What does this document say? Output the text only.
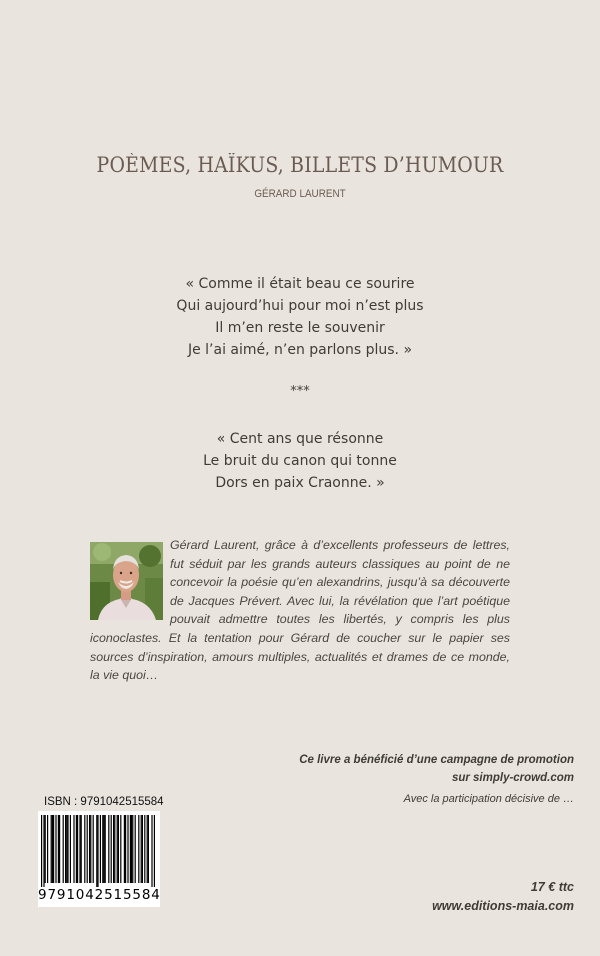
POÈMES, HAÏKUS, BILLETS D’HUMOUR
GÉRARD LAURENT
« Comme il était beau ce sourire
Qui aujourd’hui pour moi n’est plus
Il m’en reste le souvenir
Je l’ai aimé, n’en parlons plus. »
***
« Cent ans que résonne
Le bruit du canon qui tonne
Dors en paix Craonne. »
Gérard Laurent, grâce à d’excellents professeurs de lettres, fut séduit par les grands auteurs classiques au point de ne concevoir la poésie qu’en alexandrins, jusqu’à sa découverte de Jacques Prévert. Avec lui, la révélation que l’art poétique pouvait admettre toutes les libertés, y compris les plus iconoclastes. Et la tentation pour Gérard de coucher sur le papier ses sources d’inspiration, amours multiples, actualités et drames de ce monde, la vie quoi…
Ce livre a bénéficié d’une campagne de promotion
sur simply-crowd.com
Avec la participation décisive de …
ISBN : 9791042515584
9 7 9 1 0 4 2 5 1 5 5 8 4	17 € ttc
www.editions-maia.com
